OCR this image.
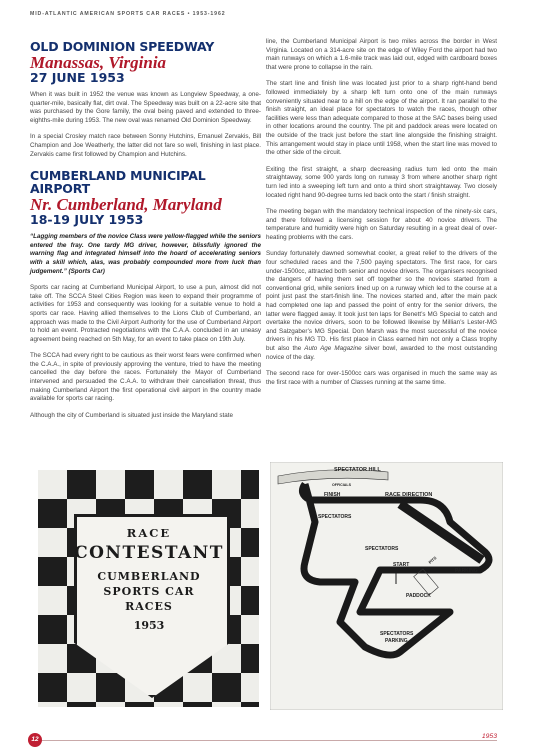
MID-ATLANTIC AMERICAN SPORTS CAR RACES • 1953-1962
OLD DOMINION SPEEDWAY
Manassas, Virginia
27 JUNE 1953

When it was built in 1952 the venue was known as Longview Speedway, a one-quarter-mile, basically flat, dirt oval. The Speedway was built on a 22-acre site that was purchased by the Gore family, the oval being paved and extended to three-eighths-mile during 1953. The new oval was renamed Old Dominion Speedway.

In a special Crosley match race between Sonny Hutchins, Emanuel Zervakis, Bill Champion and Joe Weatherly, the latter did not fare so well, finishing in last place. Zervakis came first followed by Champion and Hutchins.

CUMBERLAND MUNICIPAL AIRPORT
Nr. Cumberland, Maryland
18-19 JULY 1953

“Lagging members of the novice Class were yellow-flagged while the seniors entered the fray. One tardy MG driver, however, blissfully ignored the warning flag and integrated himself into the hoard of accelerating seniors with a skill which, alas, was probably compounded more from luck than judgement.” (Sports Car)

Sports car racing at Cumberland Municipal Airport, to use a pun, almost did not take off. The SCCA Steel Cities Region was keen to expand their programme of activities for 1953 and consequently was looking for a suitable venue to hold a sports car race. Having allied themselves to the Lions Club of Cumberland, an approach was made to the Civil Airport Authority for the use of Cumberland Airport to hold an event. Protracted negotiations with the C.A.A. concluded in an uneasy agreement being reached on 5th May, for an event to take place on 19th July.

The SCCA had every right to be cautious as their worst fears were confirmed when the C.A.A., in spite of previously approving the venture, tried to have the meeting cancelled the day before the races. Fortunately the Mayor of Cumberland intervened and persuaded the C.A.A. to withdraw their cancellation threat, thus making Cumberland Airport the first operational civil airport in the country made available for sports car racing.

Although the city of Cumberland is situated just inside the Maryland state

line, the Cumberland Municipal Airport is two miles across the border in West Virginia. Located on a 314-acre site on the edge of Wiley Ford the airport had two main runways on which a 1.6-mile track was laid out, edged with cardboard boxes that were prone to collapse in the rain.

The start line and finish line was located just prior to a sharp right-hand bend followed immediately by a sharp left turn onto one of the main runways conveniently situated near to a hill on the edge of the airport. It ran parallel to the finish straight, an ideal place for spectators to watch the races, though other facilities were less than adequate compared to those at the SAC bases being used in other locations around the country. The pit and paddock areas were located on the outside of the track just before the start line alongside the finishing straight. This arrangement would stay in place until 1958, when the start line was moved to the other side of the circuit.

Exiting the first straight, a sharp decreasing radius turn led onto the main straightaway, some 900 yards long on runway 3 from where another sharp right turn led into a sweeping left turn and onto a third short straightaway. Two closely located right hand 90-degree turns led back onto the start / finish straight.

The meeting began with the mandatory technical inspection of the ninety-six cars, and there followed a licensing session for about 40 novice drivers. The temperature and humidity were high on Saturday resulting in a great deal of over-heating problems with the cars.

Sunday fortunately dawned somewhat cooler, a great relief to the drivers of the four scheduled races and the 7,500 paying spectators. The first race, for cars under-1500cc, attracted both senior and novice drivers. The organisers recognised the dangers of having them set off together so the novices started from a conventional grid, while seniors lined up on a runway which led to the course at a point just past the start-finish line. The novices started and, after the main pack had completed one lap and passed the point of entry for the senior drivers, the latter were flagged away. It took just ten laps for Benett’s MG Special to catch and overtake the novice drivers, soon to be followed likewise by Millian’s Lester-MG and Salzgaber’s MG Special. Don Marsh was the most successful of the novice drivers in his MG TD. His first place in Class earned him not only a Class trophy but also the Auto Age Magazine silver bowl, awarded to the most outstanding novice of the day.

The second race for over-1500cc cars was organised in much the same way as the first race with a number of Classes running at the same time.

RACE
CONTESTANT
CUMBERLAND
SPORTS CAR
RACES
1953
SPECTATOR HILL
OFFICIALS
FINISH	RACE DIRECTION
SPECTATORS
SPECTATORS
START
PITS
PARKING
PADDOCK
SPECTATORS
PARKING
12	1953
